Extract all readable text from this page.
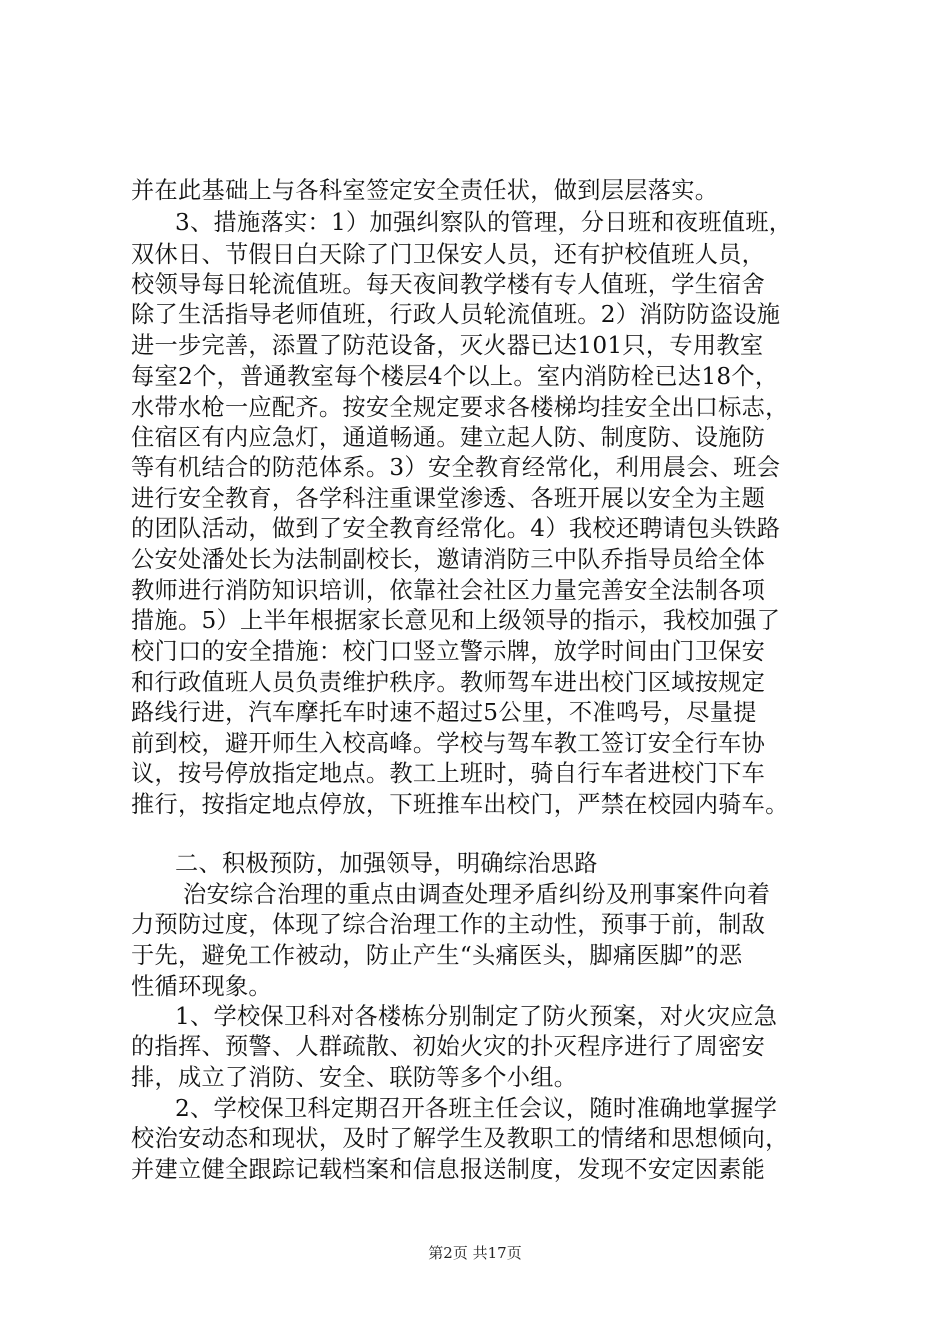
并在此基础上与各科室签定安全责任状，做到层层落实。
3、措施落实：1）加强纠察队的管理，分日班和夜班值班，
双休日、节假日白天除了门卫保安人员，还有护校值班人员，
校领导每日轮流值班。每天夜间教学楼有专人值班，学生宿舍
除了生活指导老师值班，行政人员轮流值班。2）消防防盗设施
进一步完善，添置了防范设备，灭火器已达101只，专用教室
每室2个，普通教室每个楼层4个以上。室内消防栓已达18个，
水带水枪一应配齐。按安全规定要求各楼梯均挂安全出口标志，
住宿区有内应急灯，通道畅通。建立起人防、制度防、设施防
等有机结合的防范体系。3）安全教育经常化，利用晨会、班会
进行安全教育，各学科注重课堂渗透、各班开展以安全为主题
的团队活动，做到了安全教育经常化。4）我校还聘请包头铁路
公安处潘处长为法制副校长，邀请消防三中队乔指导员给全体
教师进行消防知识培训，依靠社会社区力量完善安全法制各项
措施。5）上半年根据家长意见和上级领导的指示，我校加强了
校门口的安全措施：校门口竖立警示牌，放学时间由门卫保安
和行政值班人员负责维护秩序。教师驾车进出校门区域按规定
路线行进，汽车摩托车时速不超过5公里，不准鸣号，尽量提
前到校，避开师生入校高峰。学校与驾车教工签订安全行车协
议，按号停放指定地点。教工上班时，骑自行车者进校门下车
推行，按指定地点停放，下班推车出校门，严禁在校园内骑车。
二、积极预防，加强领导，明确综治思路
治安综合治理的重点由调查处理矛盾纠纷及刑事案件向着
力预防过度，体现了综合治理工作的主动性，预事于前，制敌
于先，避免工作被动，防止产生“头痛医头，脚痛医脚”的恶
性循环现象。
1、学校保卫科对各楼栋分别制定了防火预案，对火灾应急
的指挥、预警、人群疏散、初始火灾的扑灭程序进行了周密安
排，成立了消防、安全、联防等多个小组。
2、学校保卫科定期召开各班主任会议，随时准确地掌握学
校治安动态和现状，及时了解学生及教职工的情绪和思想倾向，
并建立健全跟踪记载档案和信息报送制度，发现不安定因素能
第2页 共17页
